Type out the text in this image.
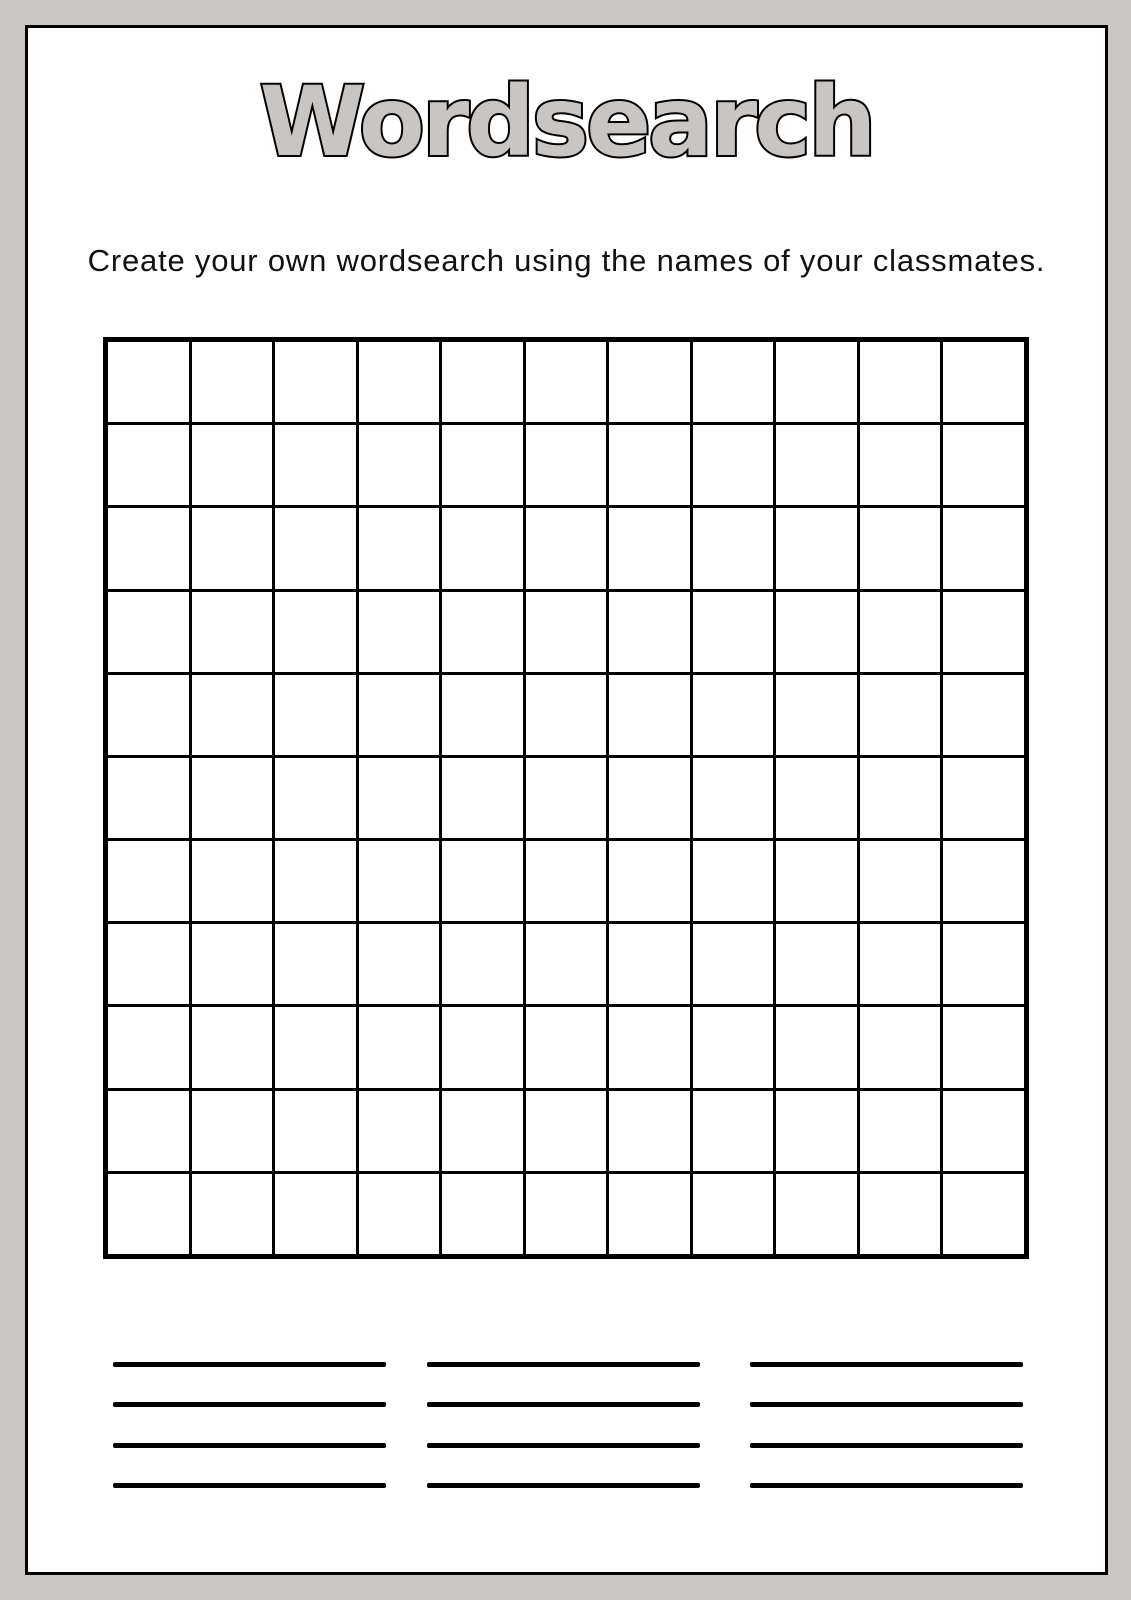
Wordsearch
Create your own wordsearch using the names of your classmates.
